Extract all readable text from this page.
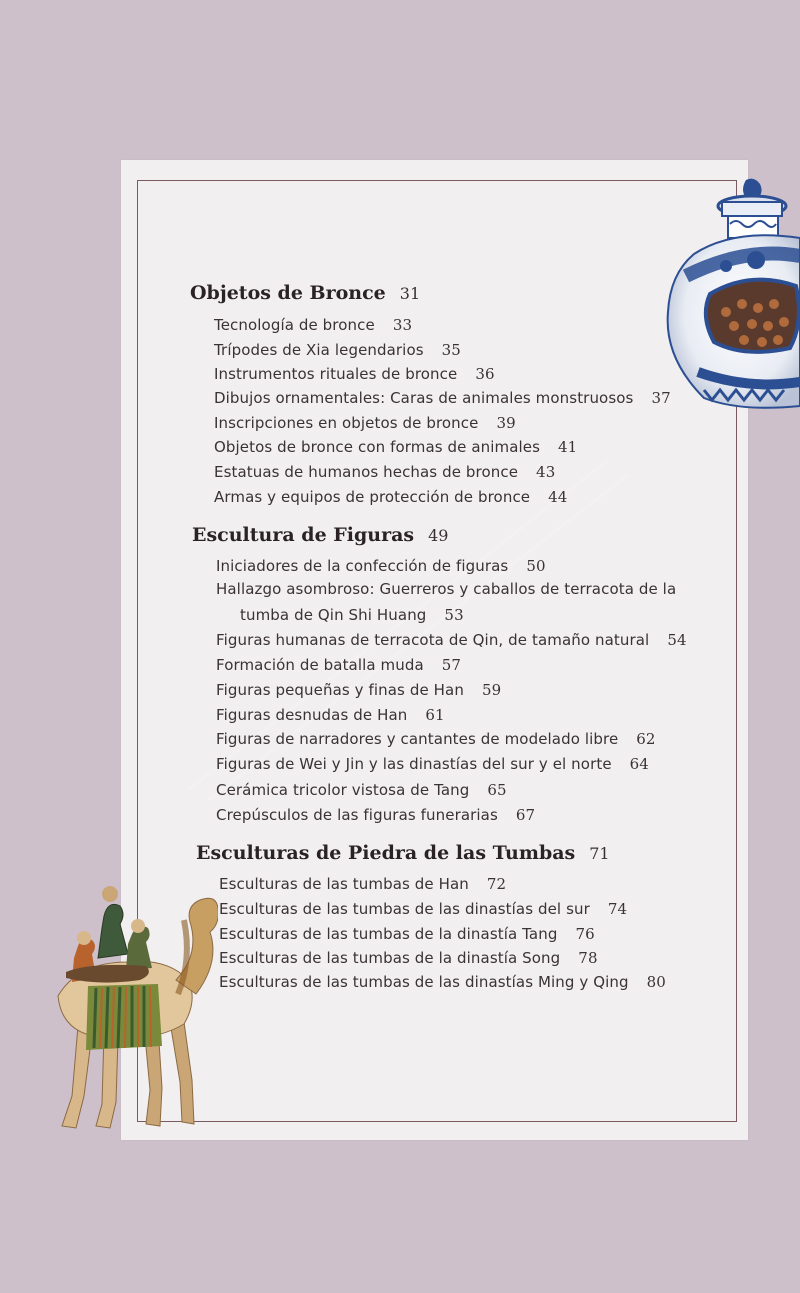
Objetos de Bronce 31
Tecnología de bronce 33
Trípodes de Xia legendarios 35
Instrumentos rituales de bronce 36
Dibujos ornamentales: Caras de animales monstruosos 37
Inscripciones en objetos de bronce 39
Objetos de bronce con formas de animales 41
Estatuas de humanos hechas de bronce 43
Armas y equipos de protección de bronce 44
Escultura de Figuras 49
Iniciadores de la confección de figuras 50
Hallazgo asombroso: Guerreros y caballos de terracota de la
tumba de Qin Shi Huang 53
Figuras humanas de terracota de Qin, de tamaño natural 54
Formación de batalla muda 57
Figuras pequeñas y finas de Han 59
Figuras desnudas de Han 61
Figuras de narradores y cantantes de modelado libre 62
Figuras de Wei y Jin y las dinastías del sur y el norte 64
Cerámica tricolor vistosa de Tang 65
Crepúsculos de las figuras funerarias 67
Esculturas de Piedra de las Tumbas 71
Esculturas de las tumbas de Han 72
Esculturas de las tumbas de las dinastías del sur 74
Esculturas de las tumbas de la dinastía Tang 76
Esculturas de las tumbas de la dinastía Song 78
Esculturas de las tumbas de las dinastías Ming y Qing 80
